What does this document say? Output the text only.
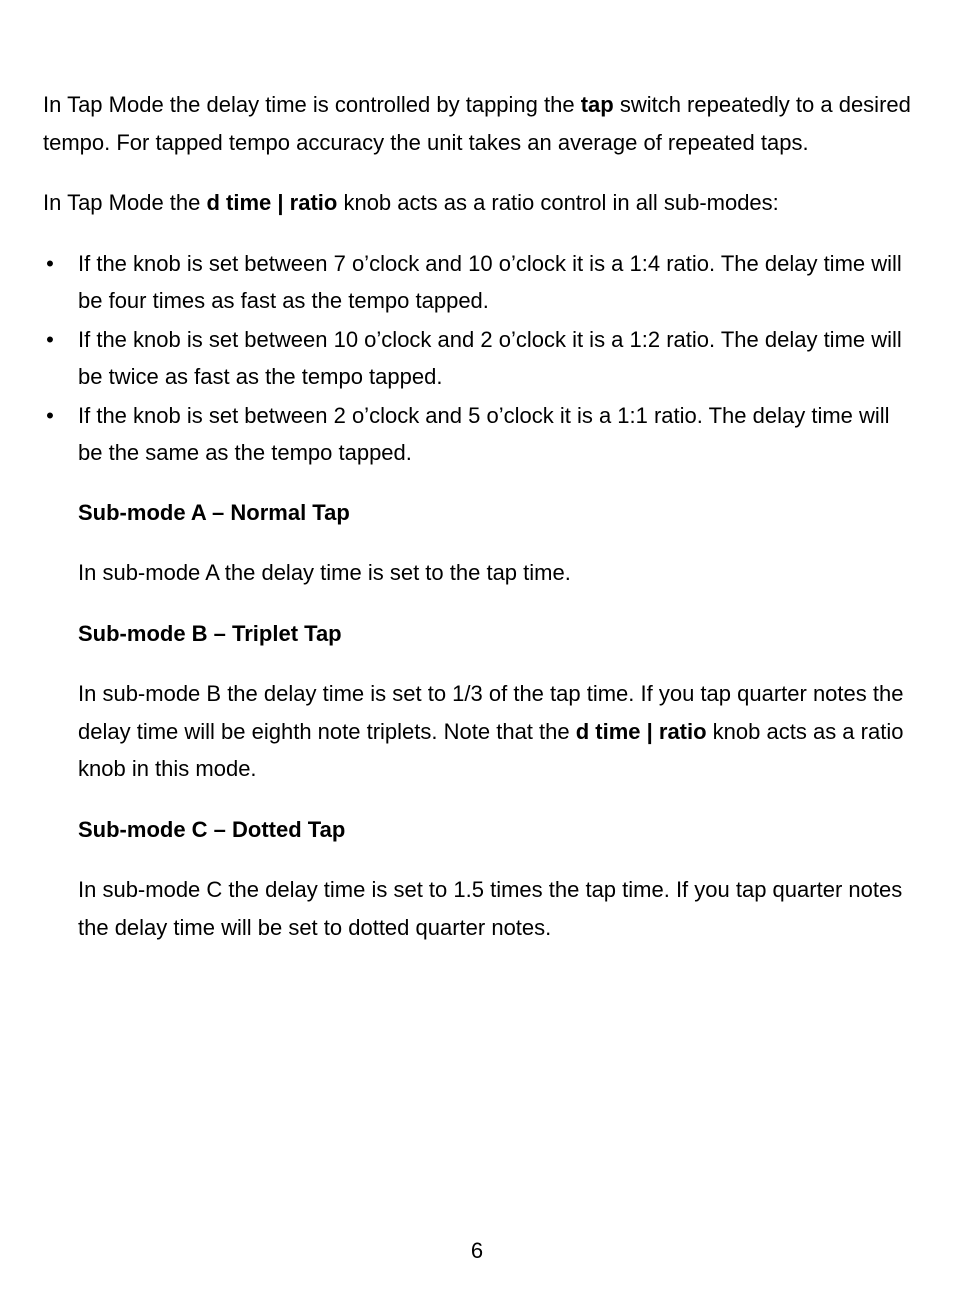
In Tap Mode the delay time is controlled by tapping the tap switch repeatedly to a desired tempo. For tapped tempo accuracy the unit takes an average of repeated taps.

In Tap Mode the d time | ratio knob acts as a ratio control in all sub-modes:

• If the knob is set between 7 o’clock and 10 o’clock it is a 1:4 ratio. The delay time will be four times as fast as the tempo tapped.
• If the knob is set between 10 o’clock and 2 o’clock it is a 1:2 ratio. The delay time will be twice as fast as the tempo tapped.
• If the knob is set between 2 o’clock and 5 o’clock it is a 1:1 ratio. The delay time will be the same as the tempo tapped.

Sub-mode A – Normal Tap

In sub-mode A the delay time is set to the tap time.

Sub-mode B – Triplet Tap

In sub-mode B the delay time is set to 1/3 of the tap time. If you tap quarter notes the delay time will be eighth note triplets. Note that the d time | ratio knob acts as a ratio knob in this mode.

Sub-mode C – Dotted Tap

In sub-mode C the delay time is set to 1.5 times the tap time. If you tap quarter notes the delay time will be set to dotted quarter notes.

6
